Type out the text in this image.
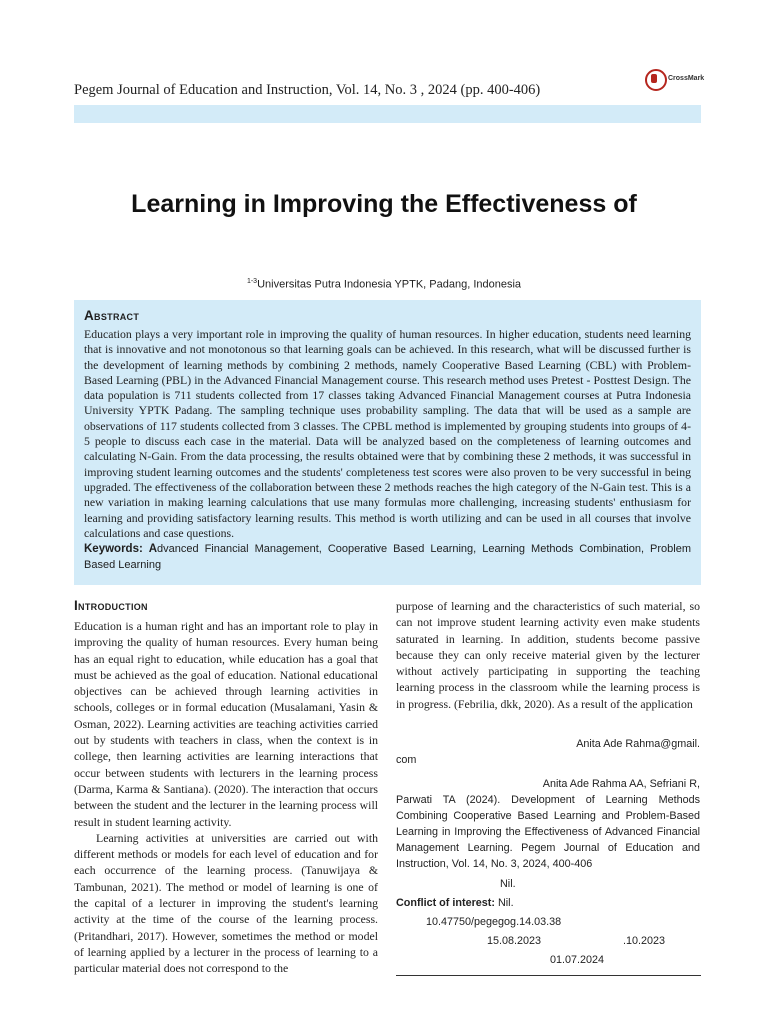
Pegem Journal of Education and Instruction, Vol. 14, No. 3 , 2024 (pp. 400-406)
CrossMark
Learning in Improving the Effectiveness of
$^{1-3}$Universitas Putra Indonesia YPTK, Padang, Indonesia
Abstract

Education plays a very important role in improving the quality of human resources. In higher education, students need learning that is innovative and not monotonous so that learning goals can be achieved. In this research, what will be discussed further is the development of learning methods by combining 2 methods, namely Cooperative Based Learning (CBL) with Problem-Based Learning (PBL) in the Advanced Financial Management course. This research method uses Pretest - Posttest Design. The data population is 711 students collected from 17 classes taking Advanced Financial Management courses at Putra Indonesia University YPTK Padang. The sampling technique uses probability sampling. The data that will be used as a sample are observations of 117 students collected from 3 classes. The CPBL method is implemented by grouping students into groups of 4-5 people to discuss each case in the material. Data will be analyzed based on the completeness of learning outcomes and calculating N-Gain. From the data processing, the results obtained were that by combining these 2 methods, it was successful in improving student learning outcomes and the students' completeness test scores were also proven to be very successful in being upgraded. The effectiveness of the collaboration between these 2 methods reaches the high category of the N-Gain test. This is a new variation in making learning calculations that use many formulas more challenging, increasing students' enthusiasm for learning and providing satisfactory learning results. This method is worth utilizing and can be used in all courses that involve calculations and case questions.

Keywords: Advanced Financial Management, Cooperative Based Learning, Learning Methods Combination, Problem Based Learning

Introduction

Education is a human right and has an important role to play in improving the quality of human resources. Every human being has an equal right to education, while education has a goal that must be achieved as the goal of education. National educational objectives can be achieved through learning activities in schools, colleges or in formal education (Musalamani, Yasin & Osman, 2022). Learning activities are teaching activities carried out by students with teachers in class, when the context is in college, then learning activities are learning interactions that occur between students with lecturers in the learning process (Darma, Karma & Santiana). (2020). The interaction that occurs between the student and the lecturer in the learning process will result in student learning activity.

Learning activities at universities are carried out with different methods or models for each level of education and for each occurrence of the learning process. (Tanuwijaya & Tambunan, 2021). The method or model of learning is one of the capital of a lecturer in improving the student's learning activity at the time of the course of the learning process. (Pritandhari, 2017). However, sometimes the method or model of learning applied by a lecturer in the process of learning to a particular material does not correspond to the

purpose of learning and the characteristics of such material, so can not improve student learning activity even make students saturated in learning. In addition, students become passive because they can only receive material given by the lecturer without actively participating in supporting the teaching learning process in the classroom while the learning process is in progress. (Febrilia, dkk, 2020). As a result of the application

Anita Ade Rahma@gmail.
com
Anita Ade Rahma AA, Sefriani R,
Parwati TA (2024). Development of Learning Methods Combining Cooperative Based Learning and Problem-Based Learning in Improving the Effectiveness of Advanced Financial Management Learning. Pegem Journal of Education and Instruction, Vol. 14, No. 3, 2024, 400-406
Nil.
Conflict of interest: Nil.
10.47750/pegegog.14.03.38
15.08.2023	.10.2023
01.07.2024
